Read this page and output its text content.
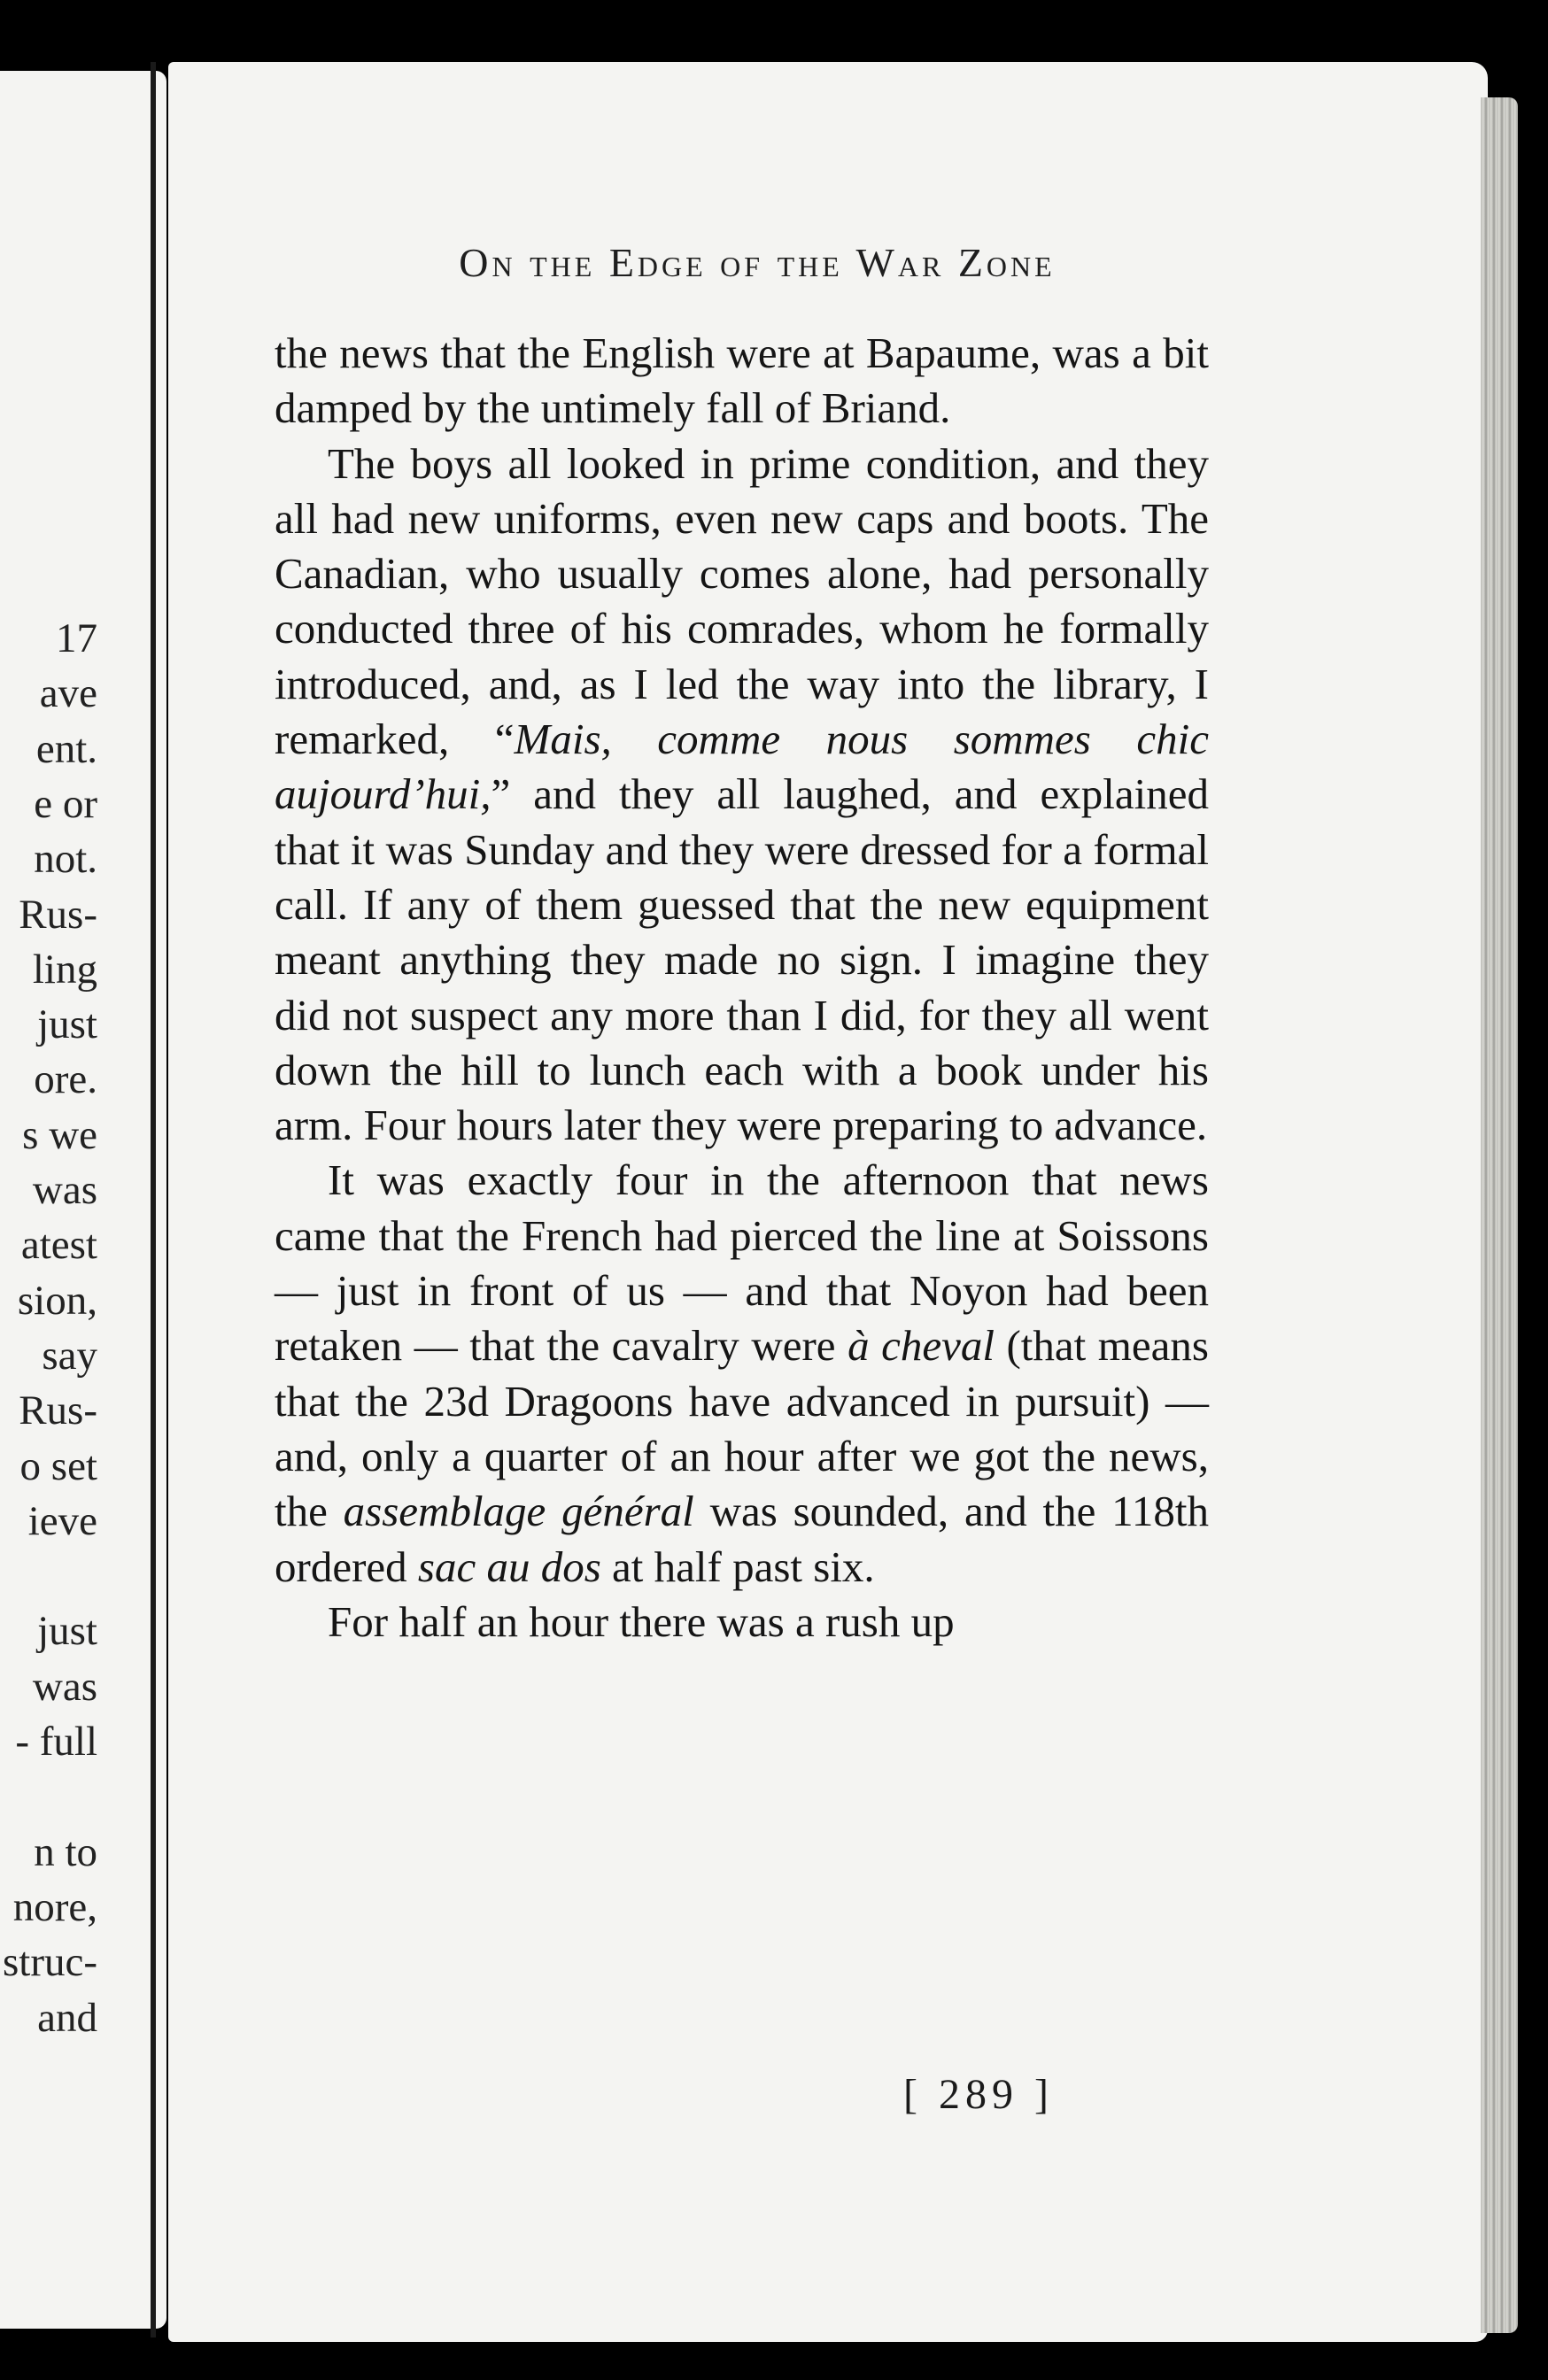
17
ave
ent.
e or
not.
Rus-
ling
just
ore.
s we
was
atest
sion,
say
Rus-
o set
ieve
just
was
- full
n to
nore,
struc-
and
On the Edge of the War Zone

the news that the English were at Bapaume, was a bit damped by the untimely fall of Briand.

The boys all looked in prime condition, and they all had new uniforms, even new caps and boots. The Canadian, who usually comes alone, had personally conducted three of his comrades, whom he formally introduced, and, as I led the way into the library, I remarked, “Mais, comme nous sommes chic aujourd’hui,” and they all laughed, and explained that it was Sunday and they were dressed for a formal call. If any of them guessed that the new equipment meant anything they made no sign. I imagine they did not suspect any more than I did, for they all went down the hill to lunch each with a book under his arm. Four hours later they were preparing to advance.

It was exactly four in the afternoon that news came that the French had pierced the line at Soissons — just in front of us — and that Noyon had been retaken — that the cavalry were à cheval (that means that the 23d Dragoons have advanced in pursuit) — and, only a quarter of an hour after we got the news, the assemblage général was sounded, and the 118th ordered sac au dos at half past six.

For half an hour there was a rush up

[ 289 ]
